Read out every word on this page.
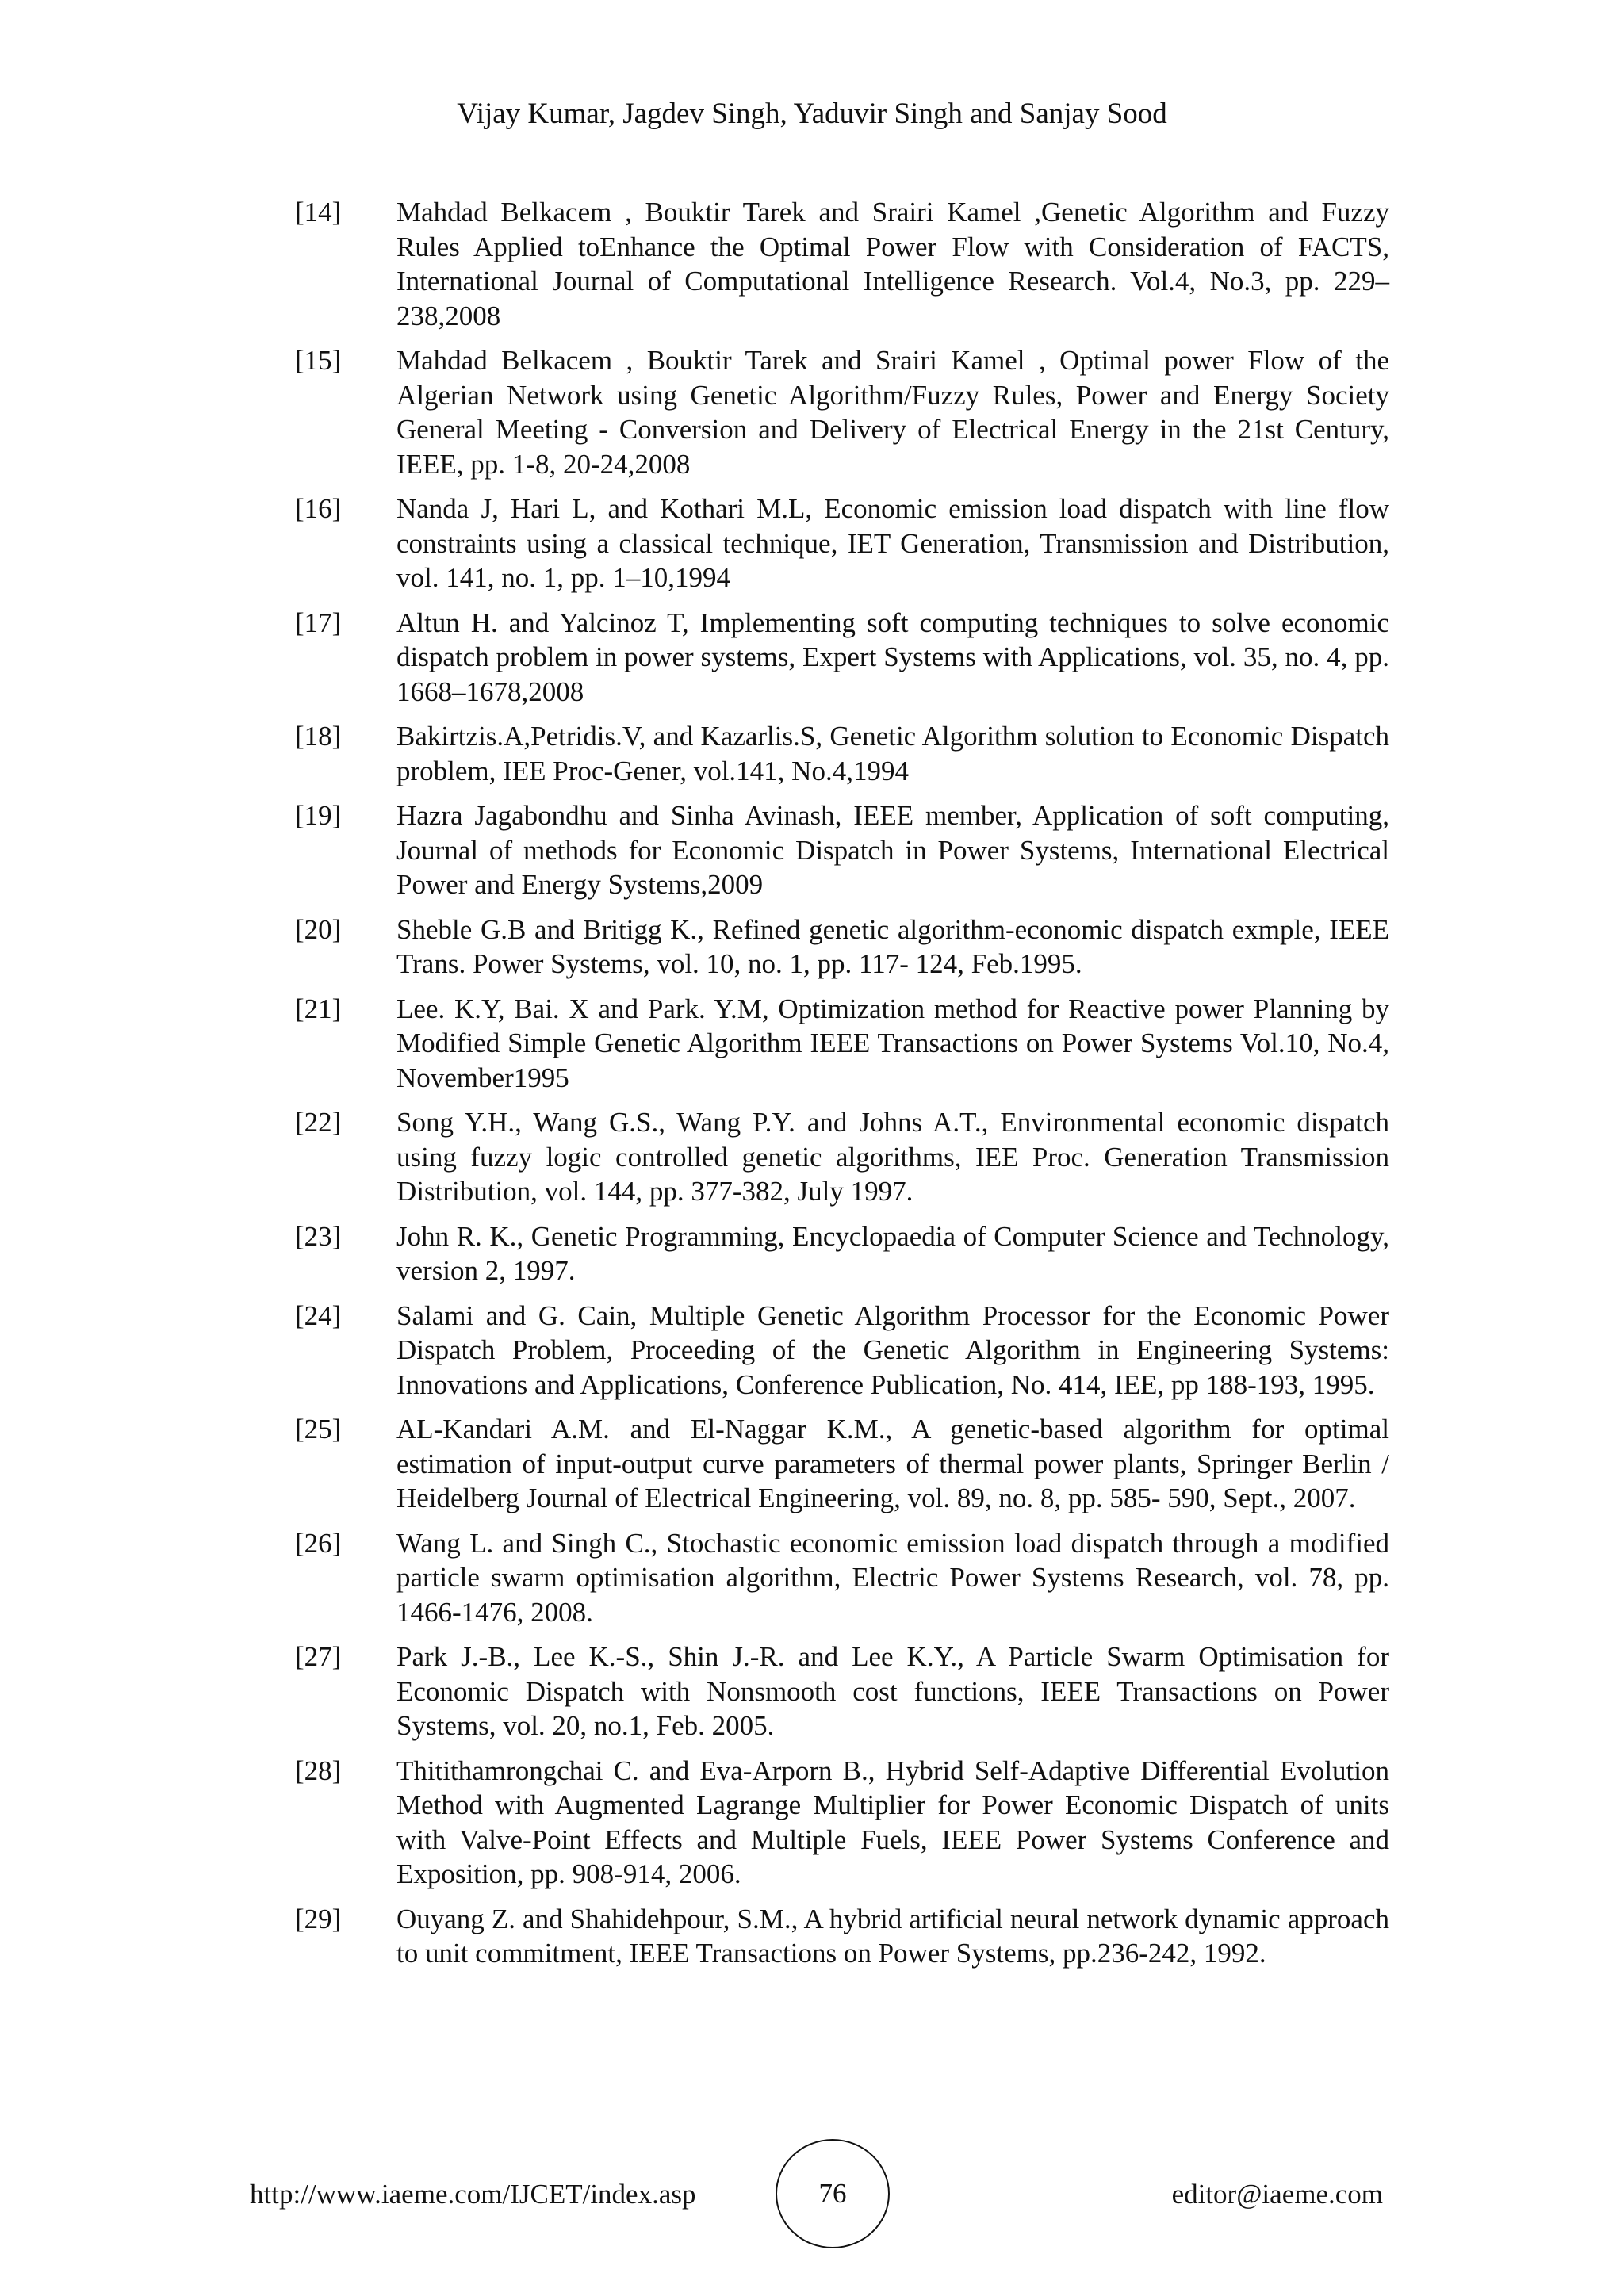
Vijay Kumar, Jagdev Singh, Yaduvir Singh and Sanjay Sood
[14]	Mahdad Belkacem , Bouktir Tarek and Srairi Kamel ,Genetic Algorithm and Fuzzy Rules Applied toEnhance the Optimal Power Flow with Consideration of FACTS, International Journal of Computational Intelligence Research. Vol.4, No.3, pp. 229–238,2008
[15]	Mahdad Belkacem , Bouktir Tarek and Srairi Kamel , Optimal power Flow of the Algerian Network using Genetic Algorithm/Fuzzy Rules, Power and Energy Society General Meeting - Conversion and Delivery of Electrical Energy in the 21st Century, IEEE, pp. 1-8, 20-24,2008
[16]	Nanda J, Hari L, and Kothari M.L, Economic emission load dispatch with line flow constraints using a classical technique, IET Generation, Transmission and Distribution, vol. 141, no. 1, pp. 1–10,1994
[17]	Altun H. and Yalcinoz T, Implementing soft computing techniques to solve economic dispatch problem in power systems, Expert Systems with Applications, vol. 35, no. 4, pp. 1668–1678,2008
[18]	Bakirtzis.A,Petridis.V, and Kazarlis.S, Genetic Algorithm solution to Economic Dispatch problem, IEE Proc-Gener, vol.141, No.4,1994
[19]	Hazra Jagabondhu and Sinha Avinash, IEEE member, Application of soft computing, Journal of methods for Economic Dispatch in Power Systems, International Electrical Power and Energy Systems,2009
[20]	Sheble G.B and Britigg K., Refined genetic algorithm-economic dispatch exmple, IEEE Trans. Power Systems, vol. 10, no. 1, pp. 117- 124, Feb.1995.
[21]	Lee. K.Y, Bai. X and Park. Y.M, Optimization method for Reactive power Planning by Modified Simple Genetic Algorithm IEEE Transactions on Power Systems Vol.10, No.4, November1995
[22]	Song Y.H., Wang G.S., Wang P.Y. and Johns A.T., Environmental economic dispatch using fuzzy logic controlled genetic algorithms, IEE Proc. Generation Transmission Distribution, vol. 144, pp. 377-382, July 1997.
[23]	John R. K., Genetic Programming, Encyclopaedia of Computer Science and Technology, version 2, 1997.
[24]	Salami and G. Cain, Multiple Genetic Algorithm Processor for the Economic Power Dispatch Problem, Proceeding of the Genetic Algorithm in Engineering Systems: Innovations and Applications, Conference Publication, No. 414, IEE, pp 188-193, 1995.
[25]	AL-Kandari A.M. and El-Naggar K.M., A genetic-based algorithm for optimal estimation of input-output curve parameters of thermal power plants, Springer Berlin / Heidelberg Journal of Electrical Engineering, vol. 89, no. 8, pp. 585- 590, Sept., 2007.
[26]	Wang L. and Singh C., Stochastic economic emission load dispatch through a modified particle swarm optimisation algorithm, Electric Power Systems Research, vol. 78, pp. 1466-1476, 2008.
[27]	Park J.-B., Lee K.-S., Shin J.-R. and Lee K.Y., A Particle Swarm Optimisation for Economic Dispatch with Nonsmooth cost functions, IEEE Transactions on Power Systems, vol. 20, no.1, Feb. 2005.
[28]	Thitithamrongchai C. and Eva-Arporn B., Hybrid Self-Adaptive Differential Evolution Method with Augmented Lagrange Multiplier for Power Economic Dispatch of units with Valve-Point Effects and Multiple Fuels, IEEE Power Systems Conference and Exposition, pp. 908-914, 2006.
[29]	Ouyang Z. and Shahidehpour, S.M., A hybrid artificial neural network dynamic approach to unit commitment, IEEE Transactions on Power Systems, pp.236-242, 1992.
http://www.iaeme.com/IJCET/index.asp	76	editor@iaeme.com
